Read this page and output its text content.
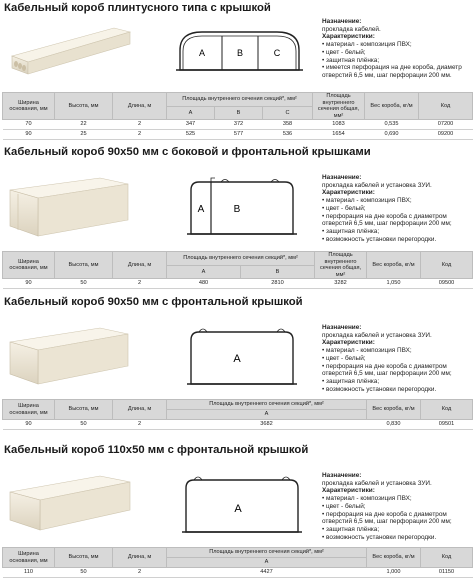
Кабельный короб плинтусного типа с крышкой
A	B	C
Назначение:
прокладка кабелей.
Характеристики:
• материал - композиция ПВХ;
• цвет - белый;
• защитная плёнка;
• имеется перфорация на дне короба, диаметр отверстий 6,5 мм, шаг перфорации 200 мм.
Ширина основания, мм	Высота, мм	Длина, м	Площадь внутреннего сечения секций*, мм²			Площадь внутреннего сечения общая, мм²	Вес короба, кг/м	Код
			A	B	C			
70	22	2	347	372	358	1083	0,535	07200
90	25	2	525	577	536	1654	0,690	09200
Кабельный короб 90х50 мм с боковой и фронтальной крышками
A	B
Назначение:
прокладка кабелей и установка ЗУИ.
Характеристики:
• материал - композиция ПВХ;
• цвет - белый;
• перфорация на дне короба с диаметром отверстий 6,5 мм, шаг перфорации 200 мм;
• защитная плёнка;
• возможность установки перегородки.
Ширина основания, мм	Высота, мм	Длина, м	Площадь внутреннего сечения секций*, мм²		Площадь внутреннего сечения общая, мм²	Вес короба, кг/м	Код
			A	B			
90	50	2	480	2810	3282	1,050	09500
Кабельный короб 90х50 мм с фронтальной крышкой
A
Назначение:
прокладка кабелей и установка ЗУИ.
Характеристики:
• материал - композиция ПВХ;
• цвет - белый;
• перфорация на дне короба с диаметром отверстий 6,5 мм, шаг перфорации 200 мм;
• защитная плёнка;
• возможность установки перегородки.
Ширина основания, мм	Высота, мм	Длина, м	Площадь внутреннего сечения секций*, мм²	Вес короба, кг/м	Код
			A		
90	50	2	3682	0,830	09501
Кабельный короб 110х50 мм с фронтальной крышкой
A
Назначение:
прокладка кабелей и установка ЗУИ.
Характеристики:
• материал - композиция ПВХ;
• цвет - белый;
• перфорация на дне короба с диаметром отверстий 6,5 мм, шаг перфорации 200 мм;
• защитная плёнка;
• возможность установки перегородки.
Ширина основания, мм	Высота, мм	Длина, м	Площадь внутреннего сечения секций*, мм²	Вес короба, кг/м	Код
			A		
110	50	2	4427	1,000	01150
